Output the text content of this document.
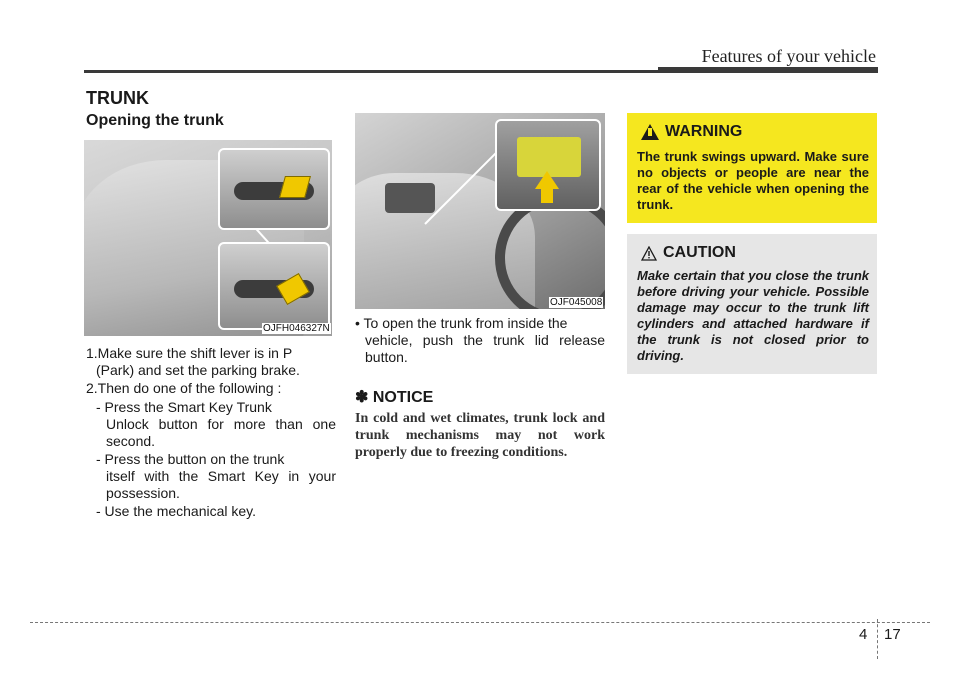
Features of your vehicle
TRUNK
Opening the trunk
OJFH046327N
OJF045008
1.Make sure the shift lever is in P
(Park) and set the parking brake.
2.Then do one of the following :
- Press the Smart Key Trunk
Unlock button for more than one second.
- Press the button on the trunk
itself with the Smart Key in your possession.
- Use the mechanical key.
• To open the trunk from inside the
vehicle, push the trunk lid release button.
✽ NOTICE
In cold and wet climates, trunk lock and trunk mechanisms may not work properly due to freezing conditions.
WARNING
The trunk swings upward. Make sure no objects or people are near the rear of the vehicle when opening the trunk.
CAUTION
Make certain that you close the trunk before driving your vehicle. Possible damage may occur to the trunk lift cylinders and attached hardware if the trunk is not closed prior to driving.
4 17
